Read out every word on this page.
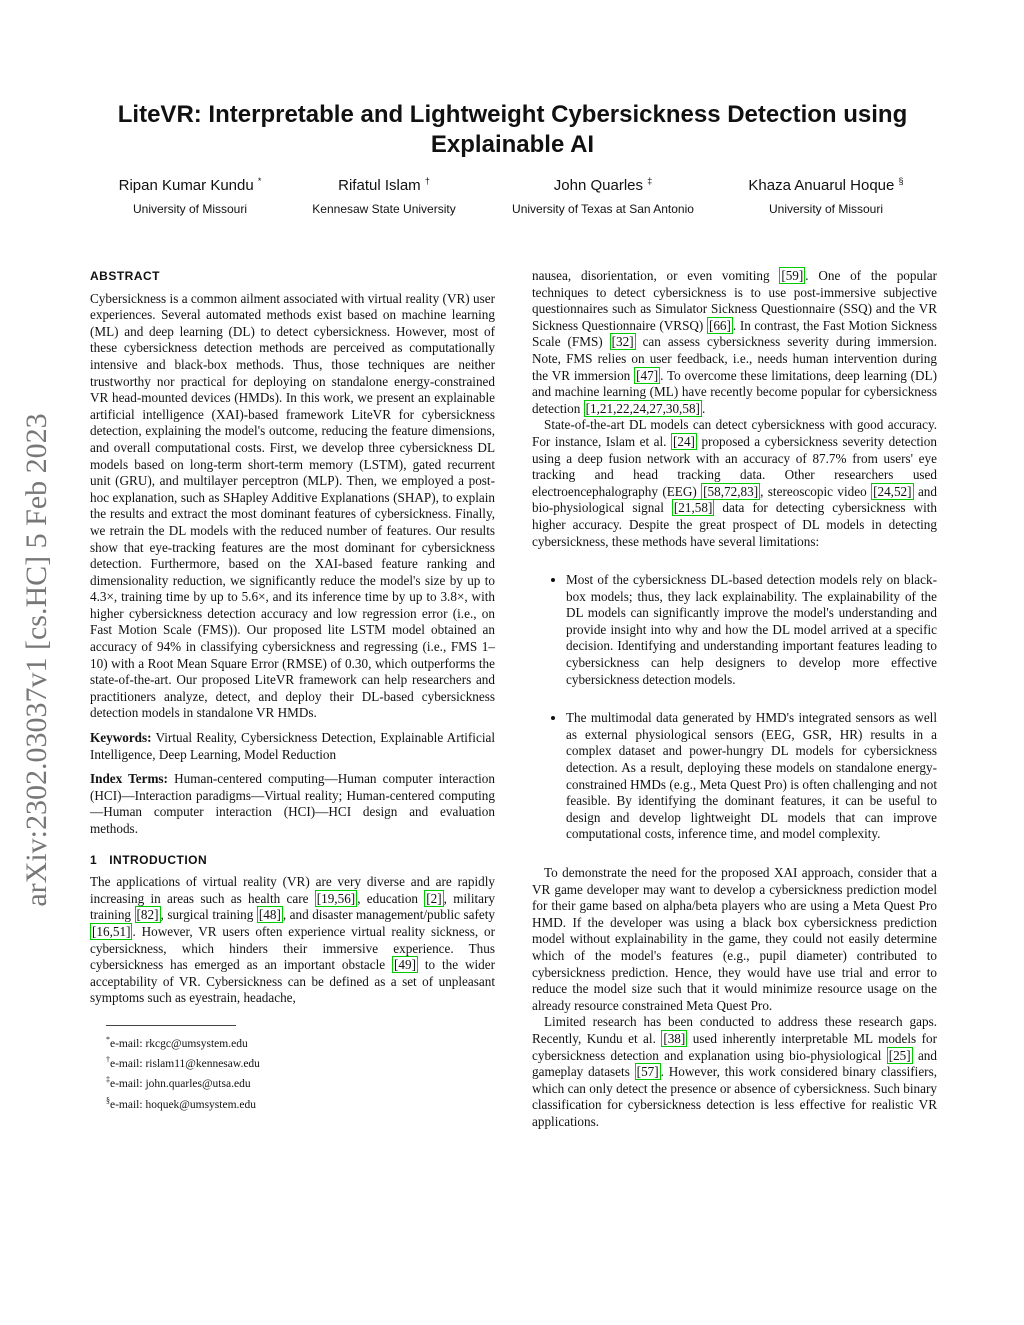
arXiv:2302.03037v1 [cs.HC] 5 Feb 2023
LiteVR: Interpretable and Lightweight Cybersickness Detection using Explainable AI
Ripan Kumar Kundu *
University of Missouri
Rifatul Islam †
Kennesaw State University
John Quarles ‡
University of Texas at San Antonio
Khaza Anuarul Hoque §
University of Missouri
ABSTRACT

Cybersickness is a common ailment associated with virtual reality (VR) user experiences. Several automated methods exist based on machine learning (ML) and deep learning (DL) to detect cybersickness. However, most of these cybersickness detection methods are perceived as computationally intensive and black-box methods. Thus, those techniques are neither trustworthy nor practical for deploying on standalone energy-constrained VR head-mounted devices (HMDs). In this work, we present an explainable artificial intelligence (XAI)-based framework LiteVR for cybersickness detection, explaining the model's outcome, reducing the feature dimensions, and overall computational costs. First, we develop three cybersickness DL models based on long-term short-term memory (LSTM), gated recurrent unit (GRU), and multilayer perceptron (MLP). Then, we employed a post-hoc explanation, such as SHapley Additive Explanations (SHAP), to explain the results and extract the most dominant features of cybersickness. Finally, we retrain the DL models with the reduced number of features. Our results show that eye-tracking features are the most dominant for cybersickness detection. Furthermore, based on the XAI-based feature ranking and dimensionality reduction, we significantly reduce the model's size by up to 4.3×, training time by up to 5.6×, and its inference time by up to 3.8×, with higher cybersickness detection accuracy and low regression error (i.e., on Fast Motion Scale (FMS)). Our proposed lite LSTM model obtained an accuracy of 94% in classifying cybersickness and regressing (i.e., FMS 1–10) with a Root Mean Square Error (RMSE) of 0.30, which outperforms the state-of-the-art. Our proposed LiteVR framework can help researchers and practitioners analyze, detect, and deploy their DL-based cybersickness detection models in standalone VR HMDs.

Keywords: Virtual Reality, Cybersickness Detection, Explainable Artificial Intelligence, Deep Learning, Model Reduction

Index Terms: Human-centered computing—Human computer interaction (HCI)—Interaction paradigms—Virtual reality; Human-centered computing—Human computer interaction (HCI)—HCI design and evaluation methods.

1 INTRODUCTION

The applications of virtual reality (VR) are very diverse and are rapidly increasing in areas such as health care [19,56] , education [2] , military training [82] , surgical training [48] , and disaster management/public safety [16,51] . However, VR users often experience virtual reality sickness, or cybersickness, which hinders their immersive experience. Thus cybersickness has emerged as an important obstacle [49] to the wider acceptability of VR. Cybersickness can be defined as a set of unpleasant symptoms such as eyestrain, headache,

*e-mail: rkcgc@umsystem.edu
†e-mail: rislam11@kennesaw.edu
‡e-mail: john.quarles@utsa.edu
§e-mail: hoquek@umsystem.edu

nausea, disorientation, or even vomiting [59] . One of the popular techniques to detect cybersickness is to use post-immersive subjective questionnaires such as Simulator Sickness Questionnaire (SSQ) and the VR Sickness Questionnaire (VRSQ) [66] . In contrast, the Fast Motion Sickness Scale (FMS) [32] can assess cybersickness severity during immersion. Note, FMS relies on user feedback, i.e., needs human intervention during the VR immersion [47] . To overcome these limitations, deep learning (DL) and machine learning (ML) have recently become popular for cybersickness detection [1,21,22,24,27,30,58] .

State-of-the-art DL models can detect cybersickness with good accuracy. For instance, Islam et al. [24] proposed a cybersickness severity detection using a deep fusion network with an accuracy of 87.7% from users' eye tracking and head tracking data. Other researchers used electroencephalography (EEG) [58,72,83] , stereoscopic video [24,52] and bio-physiological signal [21,58] data for detecting cybersickness with higher accuracy. Despite the great prospect of DL models in detecting cybersickness, these methods have several limitations:

• Most of the cybersickness DL-based detection models rely on black-box models; thus, they lack explainability. The explainability of the DL models can significantly improve the model's understanding and provide insight into why and how the DL model arrived at a specific decision. Identifying and understanding important features leading to cybersickness can help designers to develop more effective cybersickness detection models.
• The multimodal data generated by HMD's integrated sensors as well as external physiological sensors (EEG, GSR, HR) results in a complex dataset and power-hungry DL models for cybersickness detection. As a result, deploying these models on standalone energy-constrained HMDs (e.g., Meta Quest Pro) is often challenging and not feasible. By identifying the dominant features, it can be useful to design and develop lightweight DL models that can improve computational costs, inference time, and model complexity.

To demonstrate the need for the proposed XAI approach, consider that a VR game developer may want to develop a cybersickness prediction model for their game based on alpha/beta players who are using a Meta Quest Pro HMD. If the developer was using a black box cybersickness prediction model without explainability in the game, they could not easily determine which of the model's features (e.g., pupil diameter) contributed to cybersickness prediction. Hence, they would have use trial and error to reduce the model size such that it would minimize resource usage on the already resource constrained Meta Quest Pro.

Limited research has been conducted to address these research gaps. Recently, Kundu et al. [38] used inherently interpretable ML models for cybersickness detection and explanation using bio-physiological [25] and gameplay datasets [57] . However, this work considered binary classifiers, which can only detect the presence or absence of cybersickness. Such binary classification for cybersickness detection is less effective for realistic VR applications.
